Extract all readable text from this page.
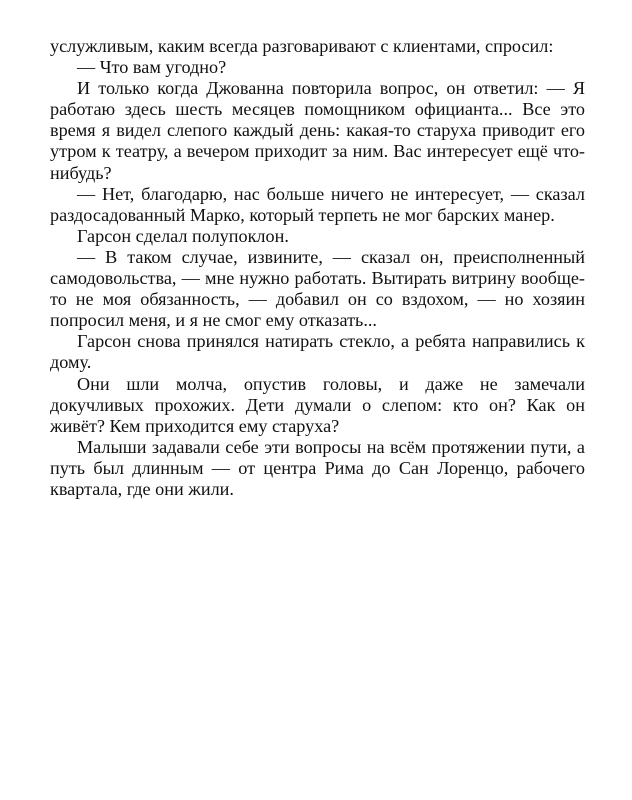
услужливым, каким всегда разговаривают с клиентами, спросил:

— Что вам угодно?

И только когда Джованна повторила вопрос, он ответил: — Я работаю здесь шесть месяцев помощником официанта... Все это время я видел слепого каждый день: какая-то старуха приводит его утром к театру, а вечером приходит за ним. Вас интересует ещё что-нибудь?

— Нет, благодарю, нас больше ничего не интересует, — сказал раздосадованный Марко, который терпеть не мог барских манер.

Гарсон сделал полупоклон.

— В таком случае, извините, — сказал он, преисполненный самодовольства, — мне нужно работать. Вытирать витрину вообще-то не моя обязанность, — добавил он со вздохом, — но хозяин попросил меня, и я не смог ему отказать...

Гарсон снова принялся натирать стекло, а ребята направились к дому.

Они шли молча, опустив головы, и даже не замечали докучливых прохожих. Дети думали о слепом: кто он? Как он живёт? Кем приходится ему старуха?

Малыши задавали себе эти вопросы на всём протяжении пути, а путь был длинным — от центра Рима до Сан Лоренцо, рабочего квартала, где они жили.
